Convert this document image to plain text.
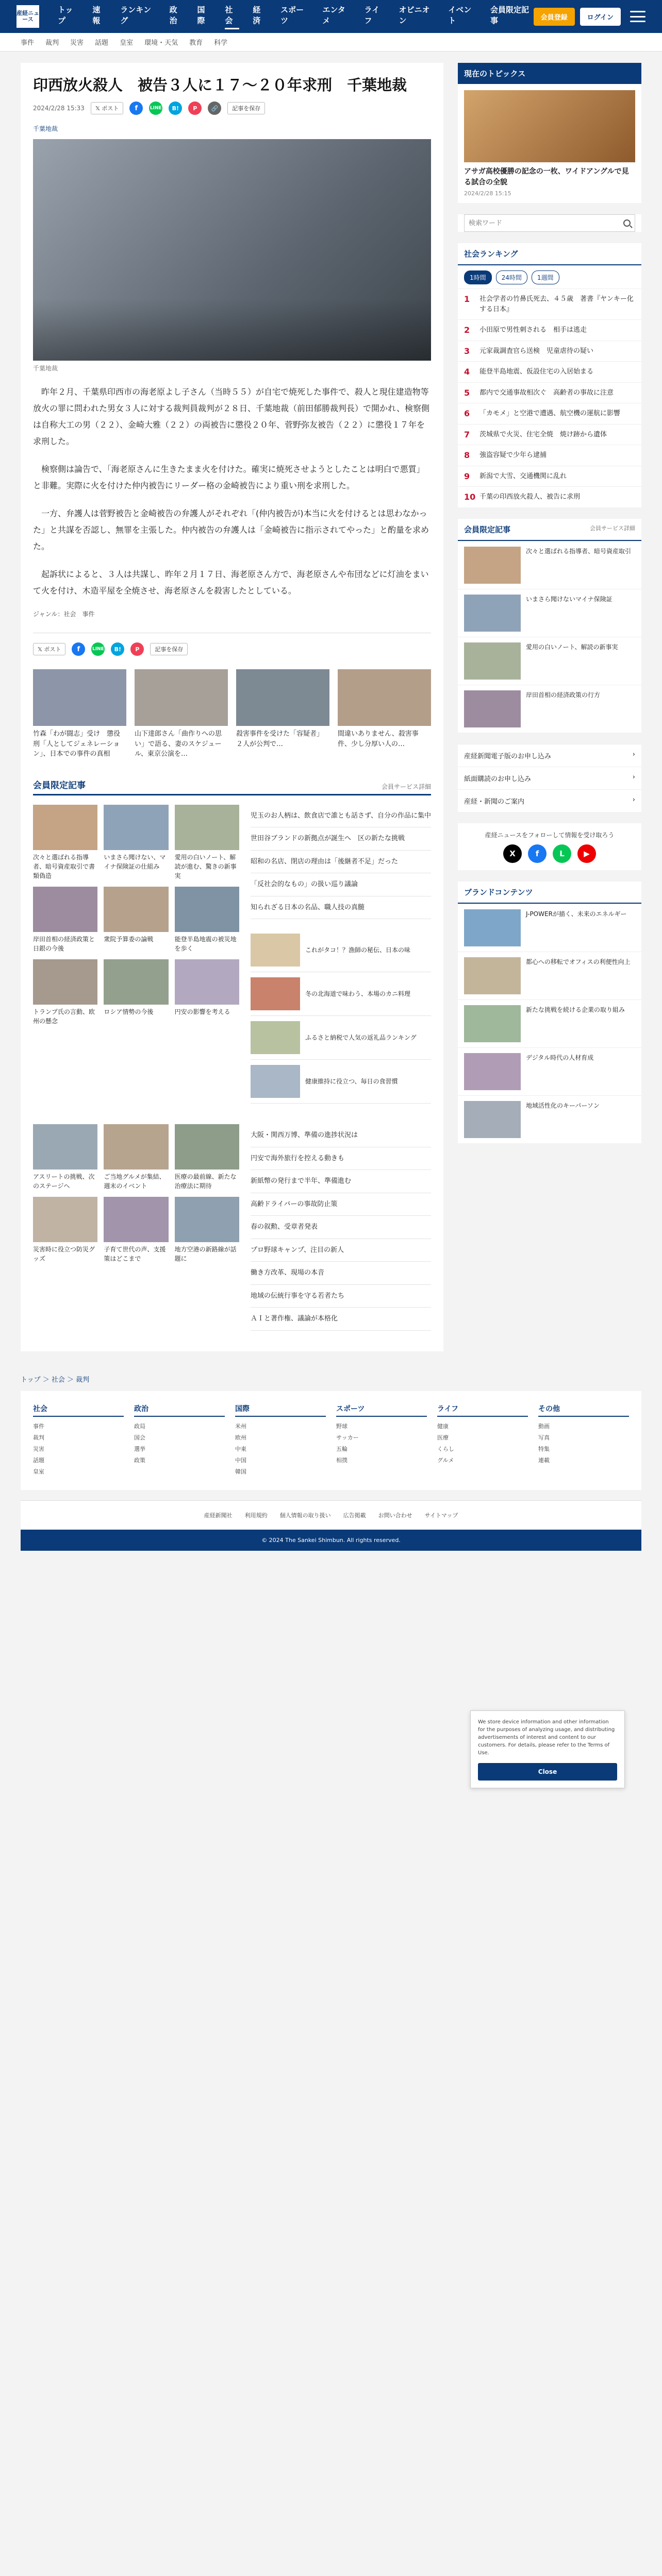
産経ニュース
トップ
速報
ランキング
政治
国際
社会
経済
スポーツ
エンタメ
ライフ
オピニオン
イベント
会員限定記事	会員登録	ログイン
事件 裁判 災害 話題 皇室 環境・天気 教育 科学
印西放火殺人　被告３人に１７～２０年求刑　千葉地裁
2024/2/28 15:33	𝕏 ポスト	f	LINE	B!	P	🔗	記事を保存
千葉地裁
千葉地裁

昨年２月、千葉県印西市の海老原よし子さん（当時５５）が自宅で焼死した事件で、殺人と現住建造物等放火の罪に問われた男女３人に対する裁判員裁判が２８日、千葉地裁（前田郁勝裁判長）で開かれ、検察側は自称大工の男（２２）、金崎大雅（２２）の両被告に懲役２０年、菅野弥友被告（２２）に懲役１７年を求刑した。

検察側は論告で、「海老原さんに生きたまま火を付けた。確実に焼死させようとしたことは明白で悪質」と非難。実際に火を付けた仲内被告にリーダー格の金崎被告により重い刑を求刑した。

一方、弁護人は菅野被告と金崎被告の弁護人がそれぞれ「(仲内被告が)本当に火を付けるとは思わなかった」と共謀を否認し、無罪を主張した。仲内被告の弁護人は「金崎被告に指示されてやった」と酌量を求めた。

起訴状によると、３人は共謀し、昨年２月１７日、海老原さん方で、海老原さんや布団などに灯油をまいて火を付け、木造平屋を全焼させ、海老原さんを殺害したとしている。

ジャンル：社会　事件
𝕏 ポスト	f	LINE	B!	P	記事を保存
竹森「わが闘志」受け　懲役刑「人としてジェネレーション」、日本での事件の真相
山下達郎さん「曲作りへの思い」で語る、妻のスケジュール、東京公演を…
殺害事件を受けた「容疑者」２人が公判で…
間違いありません、殺害事件、少し分厚い人の…
会員限定記事	会員サービス詳細
次々と選ばれる指導者、暗号資産取引で書類偽造
いまさら聞けない、マイナ保険証の仕組み
愛用の白いノート、解読が進む、驚きの新事実
岸田首相の経済政策と日銀の今後
衆院予算委の論戦	能登半島地震の被災地を歩く
トランプ氏の言動、欧州の懸念
ロシア情勢の今後	円安の影響を考える
児玉のお人柄は、飲食店で誰とも話さず、自分の作品に集中
世田谷ブランドの新拠点が誕生へ　区の新たな挑戦
昭和の名店、閉店の理由は「後継者不足」だった
「反社会的なもの」の扱い巡り議論
知られざる日本の名品、職人技の真髄
これがタコ！？漁師の秘伝、日本の味
冬の北海道で味わう、本場のカニ料理
ふるさと納税で人気の返礼品ランキング
健康維持に役立つ、毎日の食習慣
アスリートの挑戦、次のステージへ
ご当地グルメが集結、週末のイベント
医療の最前線、新たな治療法に期待
災害時に役立つ防災グッズ
子育て世代の声、支援策はどこまで
地方空港の新路線が話題に
大阪・関西万博、準備の進捗状況は
円安で海外旅行を控える動きも
新紙幣の発行まで半年、準備進む
高齢ドライバーの事故防止策
春の叙勲、受章者発表
プロ野球キャンプ、注目の新人
働き方改革、現場の本音
地域の伝統行事を守る若者たち
ＡＩと著作権、議論が本格化
現在のトピックス
アサガ高校優勝の記念の一枚、ワイドアングルで見る試合の全貌
2024/2/28 15:15
検索ワード
社会ランキング
1時間	24時間	1週間
1	社会学者の竹鼻氏死去、４５歳　著書『ヤンキー化する日本』
2	小田原で男性刺される　相手は逃走
3	元家裁調査官ら送検　児童虐待の疑い
4	能登半島地震、仮設住宅の入居始まる
5	都内で交通事故相次ぐ　高齢者の事故に注意
6	「カモメ」と空港で遭遇、航空機の運航に影響
7	茨城県で火災、住宅全焼　焼け跡から遺体
8	強盗容疑で少年ら逮捕
9	新潟で大雪、交通機関に乱れ
10 千葉の印西放火殺人、被告に求刑
会員限定記事	会員サービス詳細
次々と選ばれる指導者、暗号資産取引
いまさら聞けないマイナ保険証
愛用の白いノート、解読の新事実
岸田首相の経済政策の行方
産経新聞電子版のお申し込み	›
紙面購読のお申し込み	›
産経・新聞のご案内	›
産経ニュースをフォローして情報を受け取ろう
X	f	L	▶
ブランドコンテンツ
J-POWERが描く、未来のエネルギー
都心への移転でオフィスの利便性向上
新たな挑戦を続ける企業の取り組み
デジタル時代の人材育成
地域活性化のキーパーソン
We store device information and other information for the purposes of analyzing usage, and distributing advertisements of interest and content to our customers. For details, please refer to the Terms of Use.
Close
トップ ＞ 社会 ＞ 裁判
社会
事件
裁判
災害
話題
皇室
政治
政局
国会
選挙
政策
国際
米州
欧州
中東
中国
韓国
スポーツ
野球
サッカー
五輪
相撲
ライフ
健康
医療
くらし
グルメ
その他
動画
写真
特集
連載
産経新聞社 利用規約 個人情報の取り扱い 広告掲載 お問い合わせ サイトマップ
© 2024 The Sankei Shimbun. All rights reserved.
